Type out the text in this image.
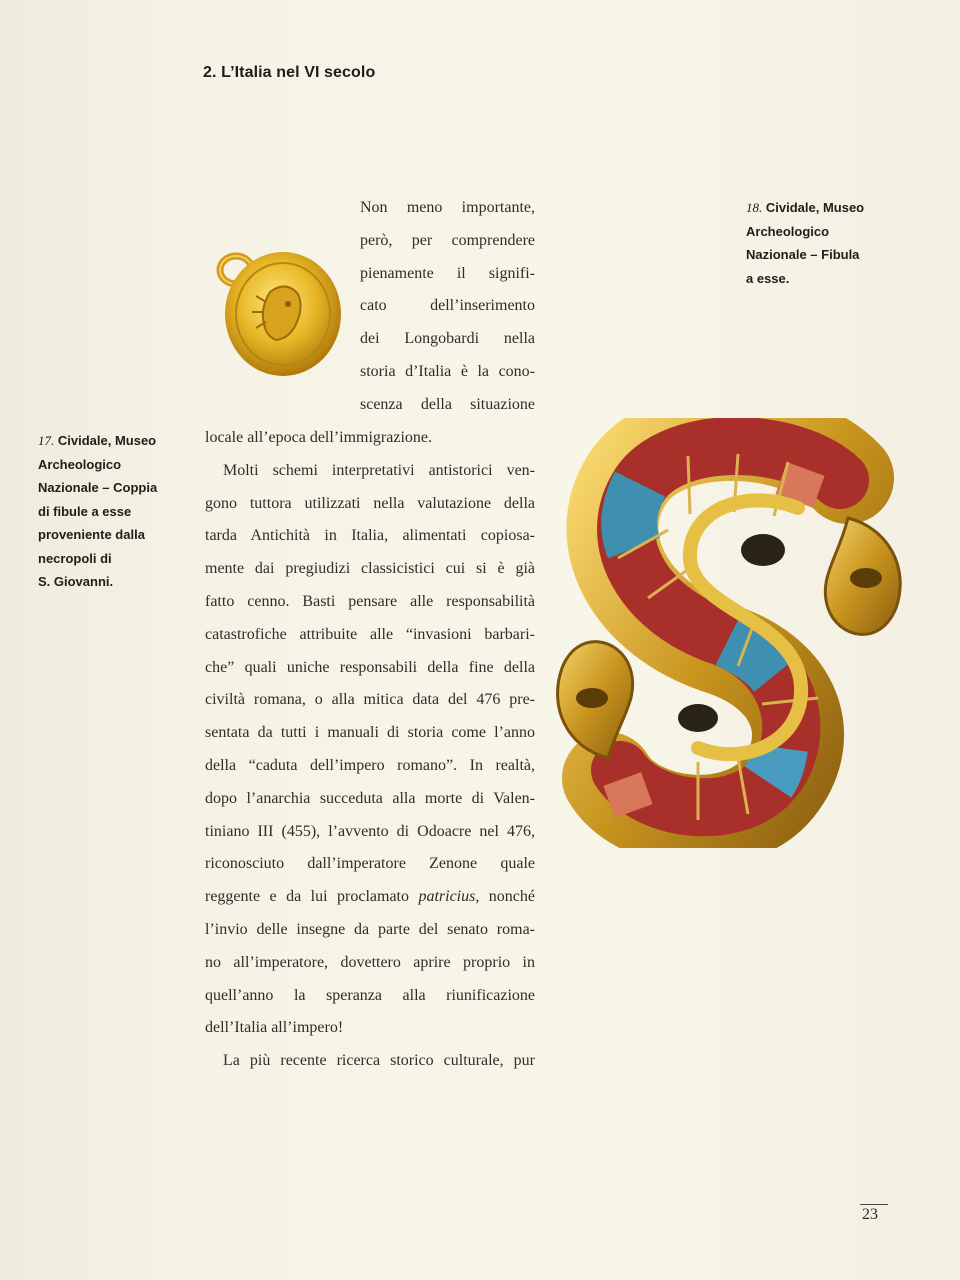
2. L’Italia nel VI secolo
17. Cividale, Museo
Archeologico
Nazionale – Coppia
di fibule a esse
proveniente dalla
necropoli di
S. Giovanni.
18. Cividale, Museo
Archeologico
Nazionale – Fibula
a esse.
18
Non meno importante,
però, per comprendere
pienamente il signifi-
cato dell’inserimento
dei Longobardi nella
storia d’Italia è la cono-
scenza della situazione
locale all’epoca dell’immigrazione.
Molti schemi interpretativi antistorici ven-
gono tuttora utilizzati nella valutazione della
tarda Antichità in Italia, alimentati copiosa-
mente dai pregiudizi classicistici cui si è già
fatto cenno. Basti pensare alle responsabilità
catastrofiche attribuite alle “invasioni barbari-
che” quali uniche responsabili della fine della
civiltà romana, o alla mitica data del 476 pre-
sentata da tutti i manuali di storia come l’anno
della “caduta dell’impero romano”. In realtà,
dopo l’anarchia succeduta alla morte di Valen-
tiniano III (455), l’avvento di Odoacre nel 476,
riconosciuto dall’imperatore Zenone quale
reggente e da lui proclamato patricius, nonché
l’invio delle insegne da parte del senato roma-
no all’imperatore, dovettero aprire proprio in
quell’anno la speranza alla riunificazione
dell’Italia all’impero!
La più recente ricerca storico culturale, pur
23
